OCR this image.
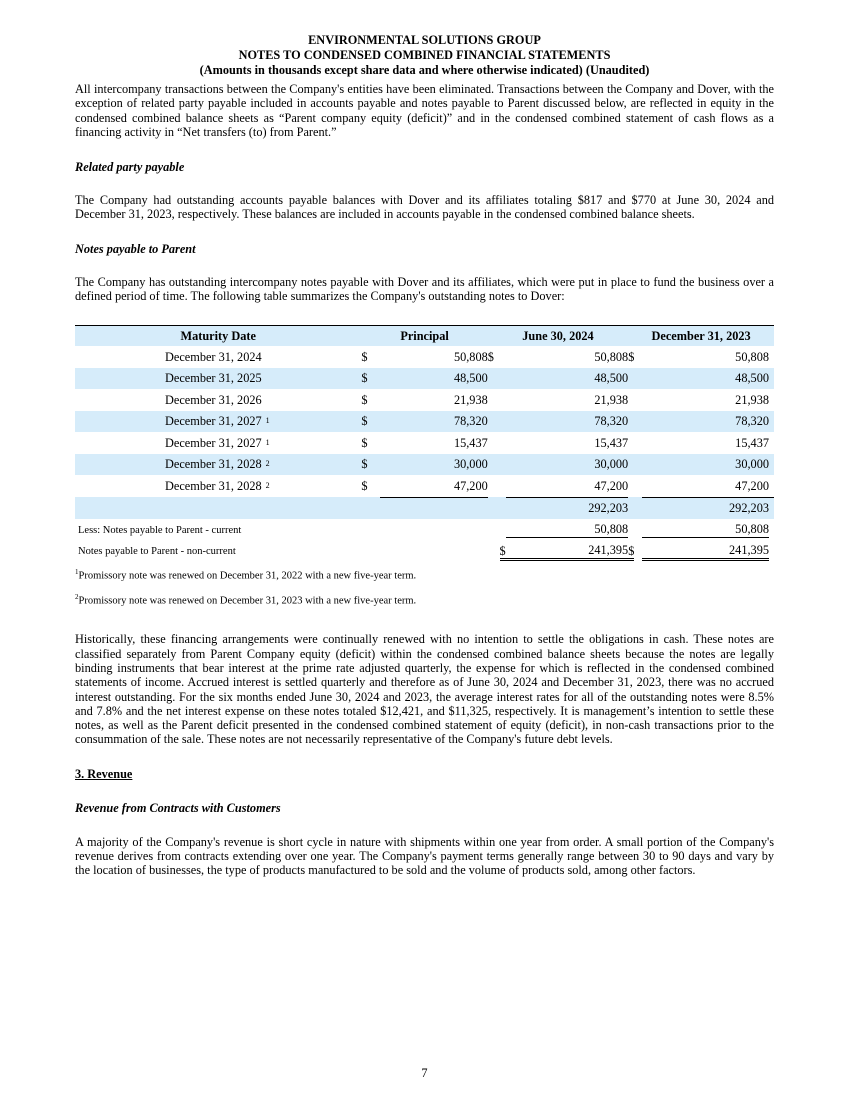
ENVIRONMENTAL SOLUTIONS GROUP
NOTES TO CONDENSED COMBINED FINANCIAL STATEMENTS
(Amounts in thousands except share data and where otherwise indicated) (Unaudited)

All intercompany transactions between the Company's entities have been eliminated. Transactions between the Company and Dover, with the exception of related party payable included in accounts payable and notes payable to Parent discussed below, are reflected in equity in the condensed combined balance sheets as “Parent company equity (deficit)” and in the condensed combined statement of cash flows as a financing activity in “Net transfers (to) from Parent.”

Related party payable

The Company had outstanding accounts payable balances with Dover and its affiliates totaling $817 and $770 at June 30, 2024 and December 31, 2023, respectively. These balances are included in accounts payable in the condensed combined balance sheets.

Notes payable to Parent

The Company has outstanding intercompany notes payable with Dover and its affiliates, which were put in place to fund the business over a defined period of time. The following table summarizes the Company's outstanding notes to Dover:

Maturity Date	Principal		June 30, 2024		December 31, 2023	
December 31, 2024	$	50,808	$	50,808	$	50,808
December 31, 2025	$	48,500		48,500		48,500
December 31, 2026	$	21,938		21,938		21,938
December 31, 2027 $^1$	$	78,320		78,320		78,320
December 31, 2027 $^1$	$	15,437		15,437		15,437
December 31, 2028 $^2$	$	30,000		30,000		30,000
December 31, 2028 $^2$	$	47,200		47,200		47,200
				292,203		292,203
Less: Notes payable to Parent - current				50,808		50,808
Notes payable to Parent - non-current			$	241,395	$	241,395
$^1$Promissory note was renewed on December 31, 2022 with a new five-year term.
$^2$Promissory note was renewed on December 31, 2023 with a new five-year term.

Historically, these financing arrangements were continually renewed with no intention to settle the obligations in cash. These notes are classified separately from Parent Company equity (deficit) within the condensed combined balance sheets because the notes are legally binding instruments that bear interest at the prime rate adjusted quarterly, the expense for which is reflected in the condensed combined statements of income. Accrued interest is settled quarterly and therefore as of June 30, 2024 and December 31, 2023, there was no accrued interest outstanding. For the six months ended June 30, 2024 and 2023, the average interest rates for all of the outstanding notes were 8.5% and 7.8% and the net interest expense on these notes totaled $12,421, and $11,325, respectively. It is management’s intention to settle these notes, as well as the Parent deficit presented in the condensed combined statement of equity (deficit), in non-cash transactions prior to the consummation of the sale. These notes are not necessarily representative of the Company's future debt levels.

3. Revenue
Revenue from Contracts with Customers

A majority of the Company's revenue is short cycle in nature with shipments within one year from order. A small portion of the Company's revenue derives from contracts extending over one year. The Company's payment terms generally range between 30 to 90 days and vary by the location of businesses, the type of products manufactured to be sold and the volume of products sold, among other factors.

7
